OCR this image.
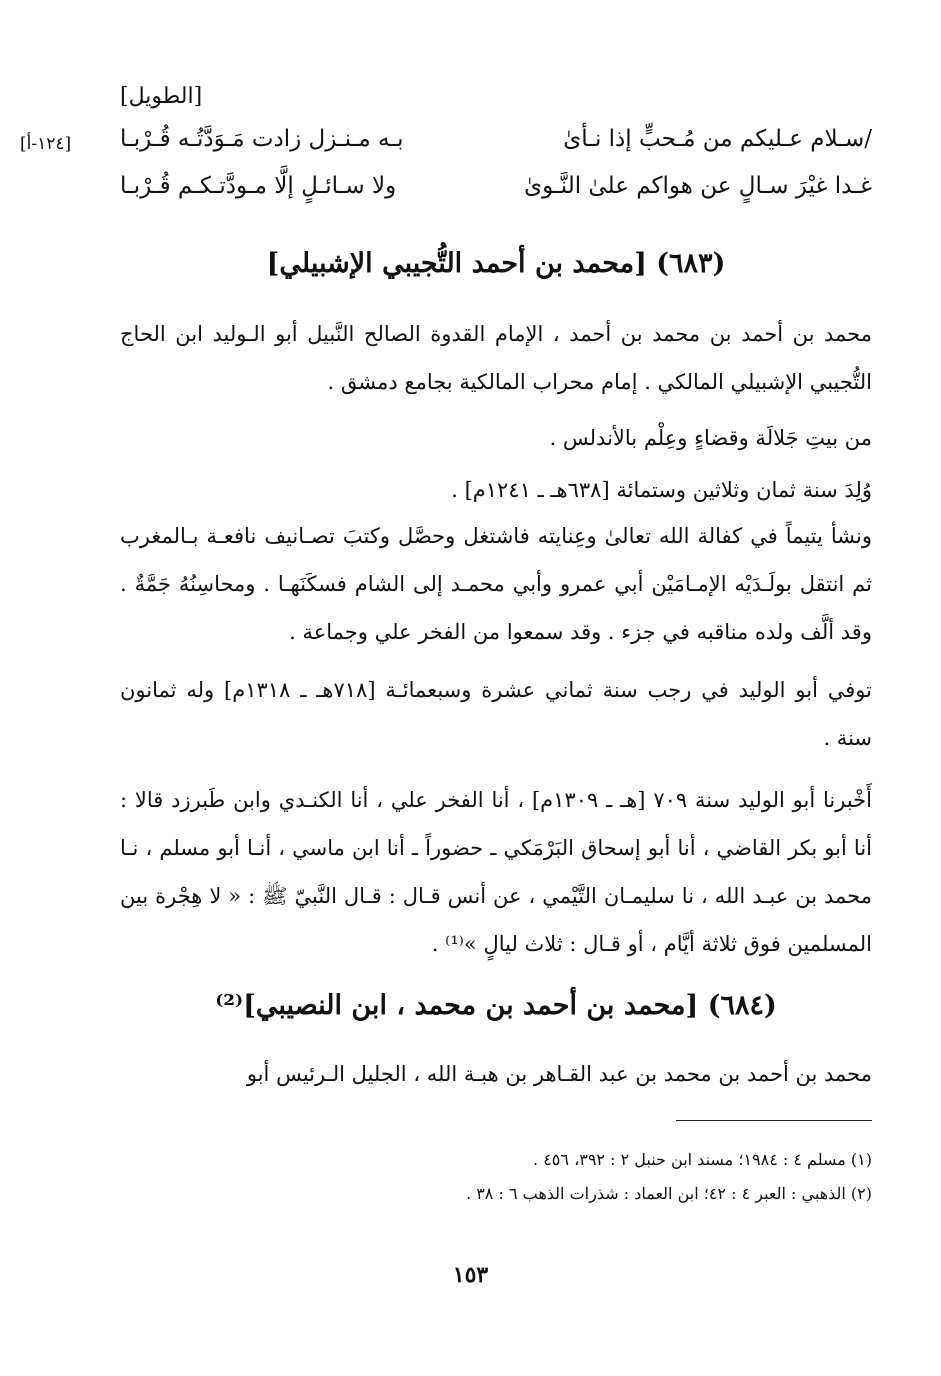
[الطويل]
[١٢٤-أ]	/سـلام عـليكم من مُـحبٍّ إذا نـأىٰ
بـه مـنـزل زادت مَـوَدَّتُـه قُـرْبـا
غـدا غيْرَ سـالٍ عن هواكم علىٰ النَّـوىٰ
ولا سـائـلٍ إلَّا مـودَّتـكـم قُـرْبـا
(٦٨٣) [محمد بن أحمد التُّجيبي الإشبيلي]

محمد بن أحمد بن محمد بن أحمد ، الإمام القدوة الصالح النَّبيل أبو الـوليد ابن الحاج التُّجيبي الإشبيلي المالكي . إمام محراب المالكية بجامع دمشق .

من بيتِ جَلالَة وقضاءٍ وعِلْم بالأندلس .

وُلِدَ سنة ثمان وثلاثين وستمائة [٦٣٨هـ ـ ١٢٤١م] .

ونشأ يتيماً في كفالة الله تعالىٰ وعِنايته فاشتغل وحصَّل وكتبَ تصـانيف نافعـة بـالمغرب ثم انتقل بولَـدَيْه الإمـامَيْن أبي عمرو وأبي محمـد إلى الشام فسكَنَهـا . ومحاسِنُهُ جَمَّةٌ . وقد ألَّف ولده مناقبه في جزء . وقد سمعوا من الفخر علي وجماعة .

توفي أبو الوليد في رجب سنة ثماني عشرة وسبعمائـة [٧١٨هـ ـ ١٣١٨م] وله ثمانون سنة .

أَخْبرنا أبو الوليد سنة ٧٠٩ [هـ ـ ١٣٠٩م] ، أنا الفخر علي ، أنا الكنـدي وابن طَبرزد قالا : أنا أبو بكر القاضي ، أنا أبو إسحاق البَرْمَكي ـ حضوراً ـ أنا ابن ماسي ، أنـا أبو مسلم ، نـا محمد بن عبـد الله ، نا سليمـان التَّيْمي ، عن أنس قـال : قـال النَّبيّ ﷺ : « لا هِجْرة بين المسلمين فوق ثلاثة أيَّام ، أو قـال : ثلاث ليالٍ »⁽¹⁾ .

(٦٨٤) [محمد بن أحمد بن محمد ، ابن النصيبي]⁽²⁾

محمد بن أحمد بن محمد بن عبد القـاهر بن هبـة الله ، الجليل الـرئيس أبو

(١) مسلم ٤ : ١٩٨٤؛ مسند ابن حنبل ٢ : ٣٩٢، ٤٥٦ .
(٢) الذهبي : العبر ٤ : ٤٢؛ ابن العماد : شذرات الذهب ٦ : ٣٨ .
١٥٣
